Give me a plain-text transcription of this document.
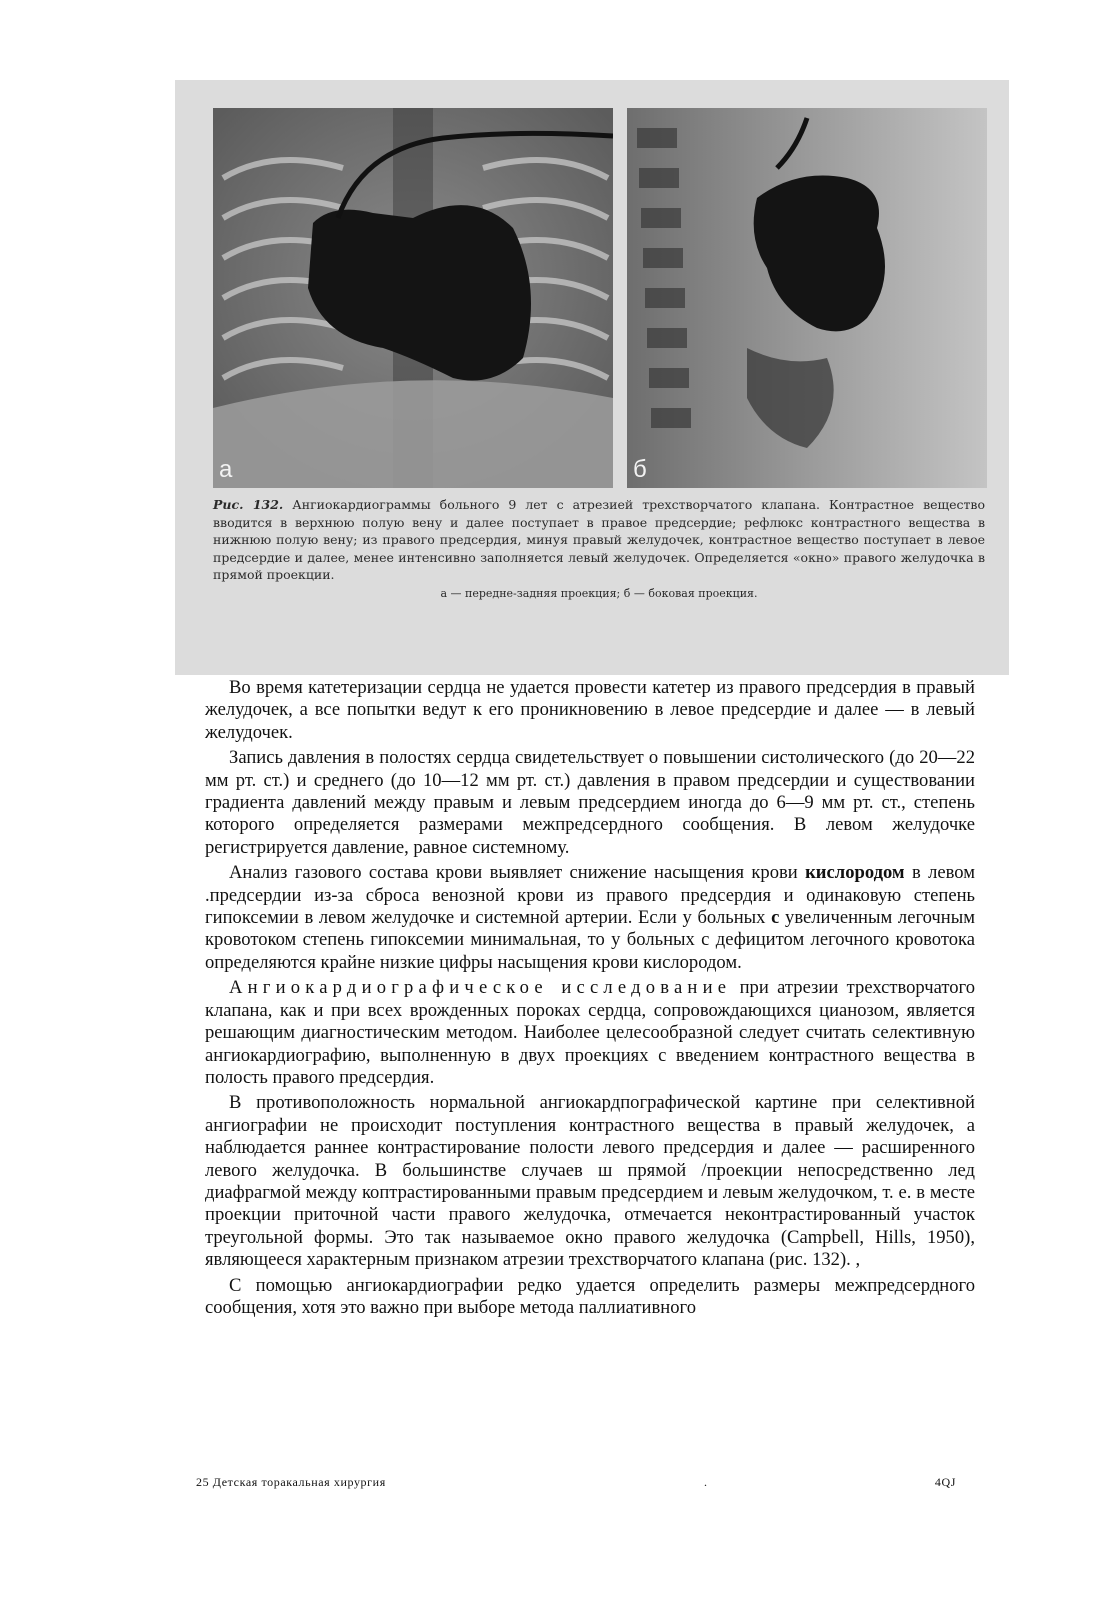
а	б
Рис. 132. Ангиокардиограммы больного 9 лет с атрезией трехстворчатого клапана. Контрастное вещество вводится в верхнюю полую вену и далее поступает в правое предсердие; рефлюкс контрастного вещества в нижнюю полую вену; из правого предсердия, минуя правый желудочек, контрастное вещество поступает в левое предсердие и далее, менее интенсивно заполняется левый желудочек. Определяется «окно» правого желудочка в прямой проекции.
а — передне-задняя проекция; б — боковая проекция.

Во время катетеризации сердца не удается провести катетер из правого предсердия в правый желудочек, а все попытки ведут к его проникновению в левое предсердие и далее — в левый желудочек.

Запись давления в полостях сердца свидетельствует о повышении систолического (до 20—22 мм рт. ст.) и среднего (до 10—12 мм рт. ст.) давления в правом предсердии и существовании градиента давлений между правым и левым предсердием иногда до 6—9 мм рт. ст., степень которого определяется размерами межпредсердного сообщения. В левом желудочке регистрируется давление, равное системному.

Анализ газового состава крови выявляет снижение насыщения крови кислородом в левом .предсердии из-за сброса венозной крови из правого предсердия и одинаковую степень гипоксемии в левом желудочке и системной артерии. Если у больных с увеличенным легочным кровотоком степень гипоксемии минимальная, то у больных с дефицитом легочного кровотока определяются крайне низкие цифры насыщения крови кислородом.

Ангиокардиографическое исследование при атрезии трехстворчатого клапана, как и при всех врожденных пороках сердца, сопровождающихся цианозом, является решающим диагностическим методом. Наиболее целесообразной следует считать селективную ангиокардиографию, выполненную в двух проекциях с введением контрастного вещества в полость правого предсердия.

В противоположность нормальной ангиокардпографической картине при селективной ангиографии не происходит поступления контрастного вещества в правый желудочек, а наблюдается раннее контрастирование полости левого предсердия и далее — расширенного левого желудочка. В большинстве случаев ш прямой /проекции непосредственно лед диафрагмой между коптрастированными правым предсердием и левым желудочком, т. е. в месте проекции приточной части правого желудочка, отмечается неконтрастированный участок треугольной формы. Это так называемое окно правого желудочка (Campbell, Hills, 1950), являющееся характерным признаком атрезии трехстворчатого клапана (рис. 132). ,

С помощью ангиокардиографии редко удается определить размеры межпредсердного сообщения, хотя это важно при выборе метода паллиативного

25 Детская торакальная хирургия	.	4QJ
